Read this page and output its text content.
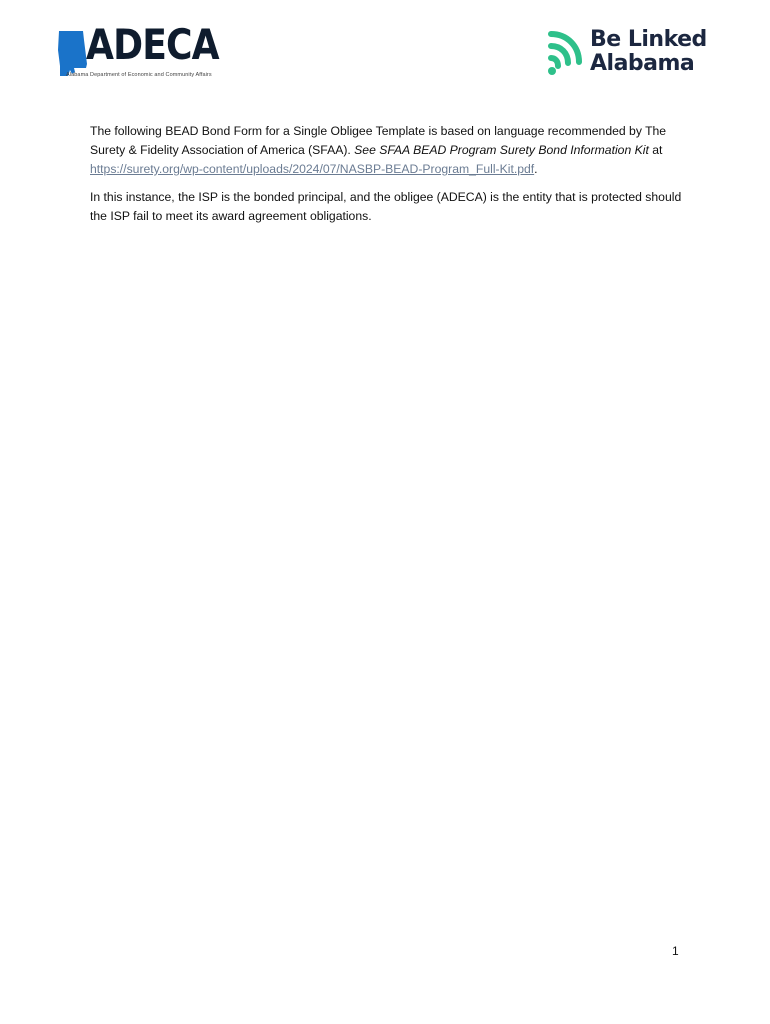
ADECA
Alabama Department of Economic and Community Affairs
Be Linked
Alabama

The following BEAD Bond Form for a Single Obligee Template is based on language recommended by The Surety & Fidelity Association of America (SFAA). See SFAA BEAD Program Surety Bond Information Kit at https://surety.org/wp-content/uploads/2024/07/NASBP-BEAD-Program_Full-Kit.pdf.

In this instance, the ISP is the bonded principal, and the obligee (ADECA) is the entity that is protected should the ISP fail to meet its award agreement obligations.

1
